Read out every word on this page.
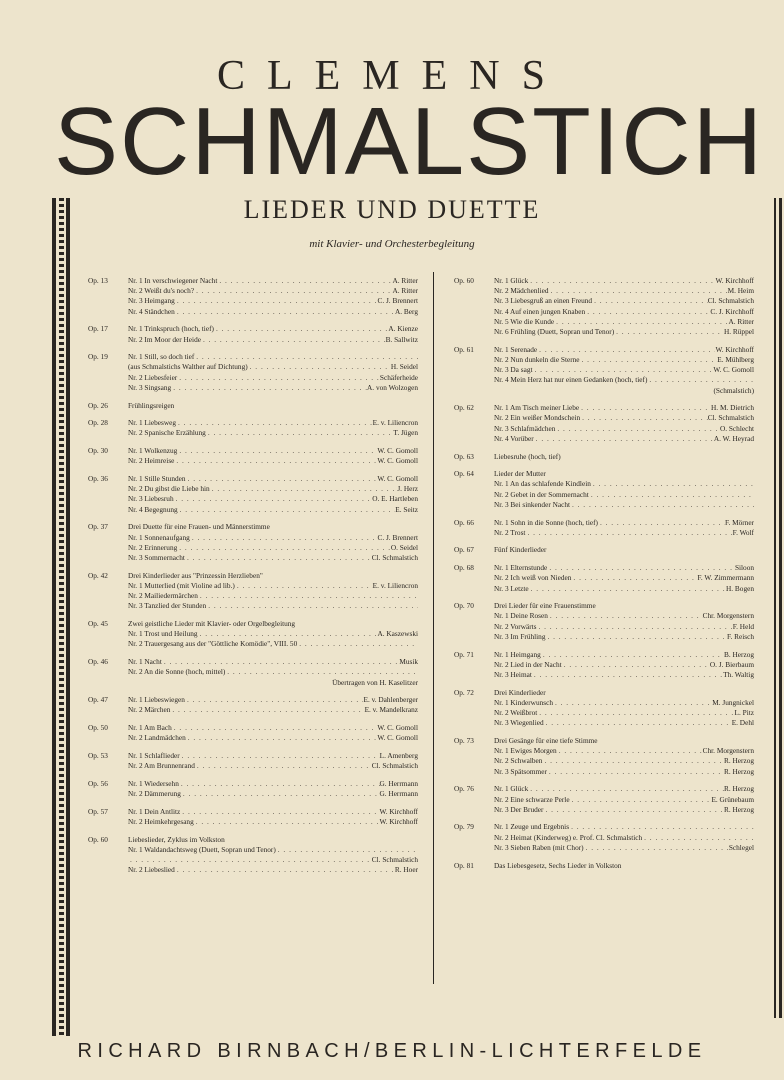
CLEMENS
SCHMALSTICH
LIEDER UND DUETTE
mit Klavier- und Orchesterbegleitung
Op. 13	Nr. 1 In verschwiegener Nacht . . .	A. Ritter
Nr. 2 Weißt du's noch? . . .	A. Ritter
Nr. 3 Heimgang . . .	C. J. Brennert
Nr. 4 Ständchen . . .	A. Berg
Op. 17	Nr. 1 Trinkspruch (hoch, tief) . . .	A. Kienze
Nr. 2 Im Moor der Heide . . .	B. Sallwitz
Op. 19	Nr. 1 Still, so doch tief
. . .
(aus Schmalstichs Walther auf Dichtung) . . .	H. Seidel
Nr. 2 Liebesfeier . . .	Schäferheide
Nr. 3 Singsang . . .	A. von Wolzogen
Op. 26	Frühlingsreigen
Op. 28	Nr. 1 Liebesweg . . .	E. v. Liliencron
Nr. 2 Spanische Erzählung . . .	T. Jügen
Op. 30	Nr. 1 Wolkenzug . . .	W. C. Gomoll
Nr. 2 Heimreise . . .	W. C. Gomoll
Op. 36	Nr. 1 Stille Stunden . . .	W. C. Gomoll
Nr. 2 Du gibst die Liebe hin . . .	J. Herz
Nr. 3 Liebesruh . . .	O. E. Hartleben
Nr. 4 Begegnung . . .	E. Seitz
Op. 37	Drei Duette für eine Frauen- und Männerstimme
Nr. 1 Sonnenaufgang . . .	C. J. Brennert
Nr. 2 Erinnerung . . .	O. Seidel
Nr. 3 Sommernacht . . .	Cl. Schmalstich
Op. 42	Drei Kinderlieder aus "Prinzessin Herzlieben"
Nr. 1 Mutterlied (mit Violine ad lib.) . . .	E. v. Liliencron
Nr. 2 Mailiedermärchen
. . .
Nr. 3 Tanzlied der Stunden
. . .
Op. 45	Zwei geistliche Lieder mit Klavier- oder Orgelbegleitung
Nr. 1 Trost und Heilung . . .	A. Kaszewski
Nr. 2 Trauergesang aus der "Göttliche Komödie", VIII. 50
. . .
Op. 46	Nr. 1 Nacht . . .	Musik
Nr. 2 An die Sonne (hoch, mittel)
. . .
Übertragen von H. Kaselitzer
Op. 47	Nr. 1 Liebeswiegen . . .	E. v. Dahlenberger
Nr. 2 Märchen . . .	E. v. Mandelkranz
Op. 50	Nr. 1 Am Bach . . .	W. C. Gomoll
Nr. 2 Landmädchen . . .	W. C. Gomoll
Op. 53	Nr. 1 Schlaflieder . . .	L. Amenberg
Nr. 2 Am Brunnenrand . . .	Cl. Schmalstich
Op. 56	Nr. 1 Wiedersehn . . .	G. Herrmann
Nr. 2 Dämmerung . . .	G. Herrmann
Op. 57	Nr. 1 Dein Antlitz . . .	W. Kirchhoff
Nr. 2 Heimkehrgesang . . .	W. Kirchhoff
Op. 60	Liebeslieder, Zyklus im Volkston
Nr. 1 Waldandachtsweg (Duett, Sopran und Tenor)
. . .
. . .
Cl. Schmalstich
Nr. 2 Liebeslied . . .	R. Hoer
Op. 60	Nr. 1 Glück . . .	W. Kirchhoff
Nr. 2 Mädchenlied . . .	M. Heim
Nr. 3 Liebesgruß an einen Freund . . .	Cl. Schmalstich
Nr. 4 Auf einen jungen Knaben . . .	C. J. Kirchhoff
Nr. 5 Wie die Kunde . . .	A. Ritter
Nr. 6 Frühling (Duett, Sopran und Tenor) . . .	H. Rüppel
Op. 61	Nr. 1 Serenade . . .	W. Kirchhoff
Nr. 2 Nun dunkeln die Sterne . . .	E. Mühlberg
Nr. 3 Da sagt . . .	W. C. Gomoll
Nr. 4 Mein Herz hat nur einen Gedanken (hoch, tief)
. . .
(Schmalstich)
Op. 62	Nr. 1 Am Tisch meiner Liebe . . .	H. M. Dietrich
Nr. 2 Ein weißer Mondschein . . .	Cl. Schmalstich
Nr. 3 Schlafmädchen . . .	O. Schlecht
Nr. 4 Vorüber . . .	A. W. Heyrad
Op. 63	Liebesruhe (hoch, tief)
Op. 64	Lieder der Mutter
Nr. 1 An das schlafende Kindlein
. . .
Nr. 2 Gebet in der Sommernacht
. . .
Nr. 3 Bei sinkender Nacht
. . .
Op. 66	Nr. 1 Sohn in die Sonne (hoch, tief) . . .	F. Mörner
Nr. 2 Trost . . .	F. Wolf
Op. 67	Fünf Kinderlieder
Op. 68	Nr. 1 Elternstunde . . .	Siloon
Nr. 2 Ich weiß von Nieden . . .	F. W. Zimmermann
Nr. 3 Letzte . . .	H. Bogen
Op. 70	Drei Lieder für eine Frauenstimme
Nr. 1 Deine Rosen . . .	Chr. Morgenstern
Nr. 2 Vorwärts . . .	F. Held
Nr. 3 Im Frühling . . .	F. Reisch
Op. 71	Nr. 1 Heimgang . . .	B. Herzog
Nr. 2 Lied in der Nacht . . .	O. J. Bierbaum
Nr. 3 Heimat . . .	Th. Waltig
Op. 72	Drei Kinderlieder
Nr. 1 Kinderwunsch . . .	M. Jungnickel
Nr. 2 Weißbrot . . .	L. Pitz
Nr. 3 Wiegenlied . . .	E. Dehl
Op. 73	Drei Gesänge für eine tiefe Stimme
Nr. 1 Ewiges Morgen . . .	Chr. Morgenstern
Nr. 2 Schwalben . . .	R. Herzog
Nr. 3 Spätsommer . . .	R. Herzog
Op. 76	Nr. 1 Glück . . .	R. Herzog
Nr. 2 Eine schwarze Perle . . .	E. Grünebaum
Nr. 3 Der Bruder . . .	R. Herzog
Op. 79	Nr. 1 Zeuge und Ergebnis
. . .
Nr. 2 Heimat (Kinderweg) e. Prof. Cl. Schmalstich
. . .
Nr. 3 Sieben Raben (mit Chor) . . .	Schlegel
Op. 81	Das Liebesgesetz, Sechs Lieder in Volkston
RICHARD BIRNBACH/BERLIN-LICHTERFELDE
